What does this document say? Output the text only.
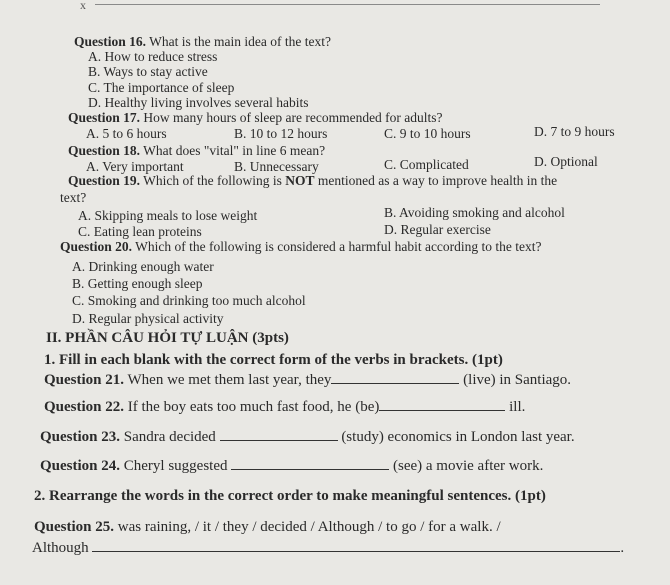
x
Question 16. What is the main idea of the text?
A. How to reduce stress
B. Ways to stay active
C. The importance of sleep
D. Healthy living involves several habits
Question 17. How many hours of sleep are recommended for adults?
A. 5 to 6 hours	B. 10 to 12 hours	C. 9 to 10 hours	D. 7 to 9 hours
Question 18. What does "vital" in line 6 mean?
A. Very important	B. Unnecessary	C. Complicated	D. Optional
Question 19. Which of the following is NOT mentioned as a way to improve health in the
text?
A. Skipping meals to lose weight	B. Avoiding smoking and alcohol
C. Eating lean proteins	D. Regular exercise
Question 20. Which of the following is considered a harmful habit according to the text?
A. Drinking enough water
B. Getting enough sleep
C. Smoking and drinking too much alcohol
D. Regular physical activity
II. PHẦN CÂU HỎI TỰ LUẬN (3pts)
1. Fill in each blank with the correct form of the verbs in brackets. (1pt)
Question 21. When we met them last year, they	(live) in Santiago.
Question 22. If the boy eats too much fast food, he (be)	ill.
Question 23. Sandra decided	(study) economics in London last year.
Question 24. Cheryl suggested	(see) a movie after work.
2. Rearrange the words in the correct order to make meaningful sentences. (1pt)
Question 25. was raining, / it / they / decided / Although / to go / for a walk. /
Although	.
